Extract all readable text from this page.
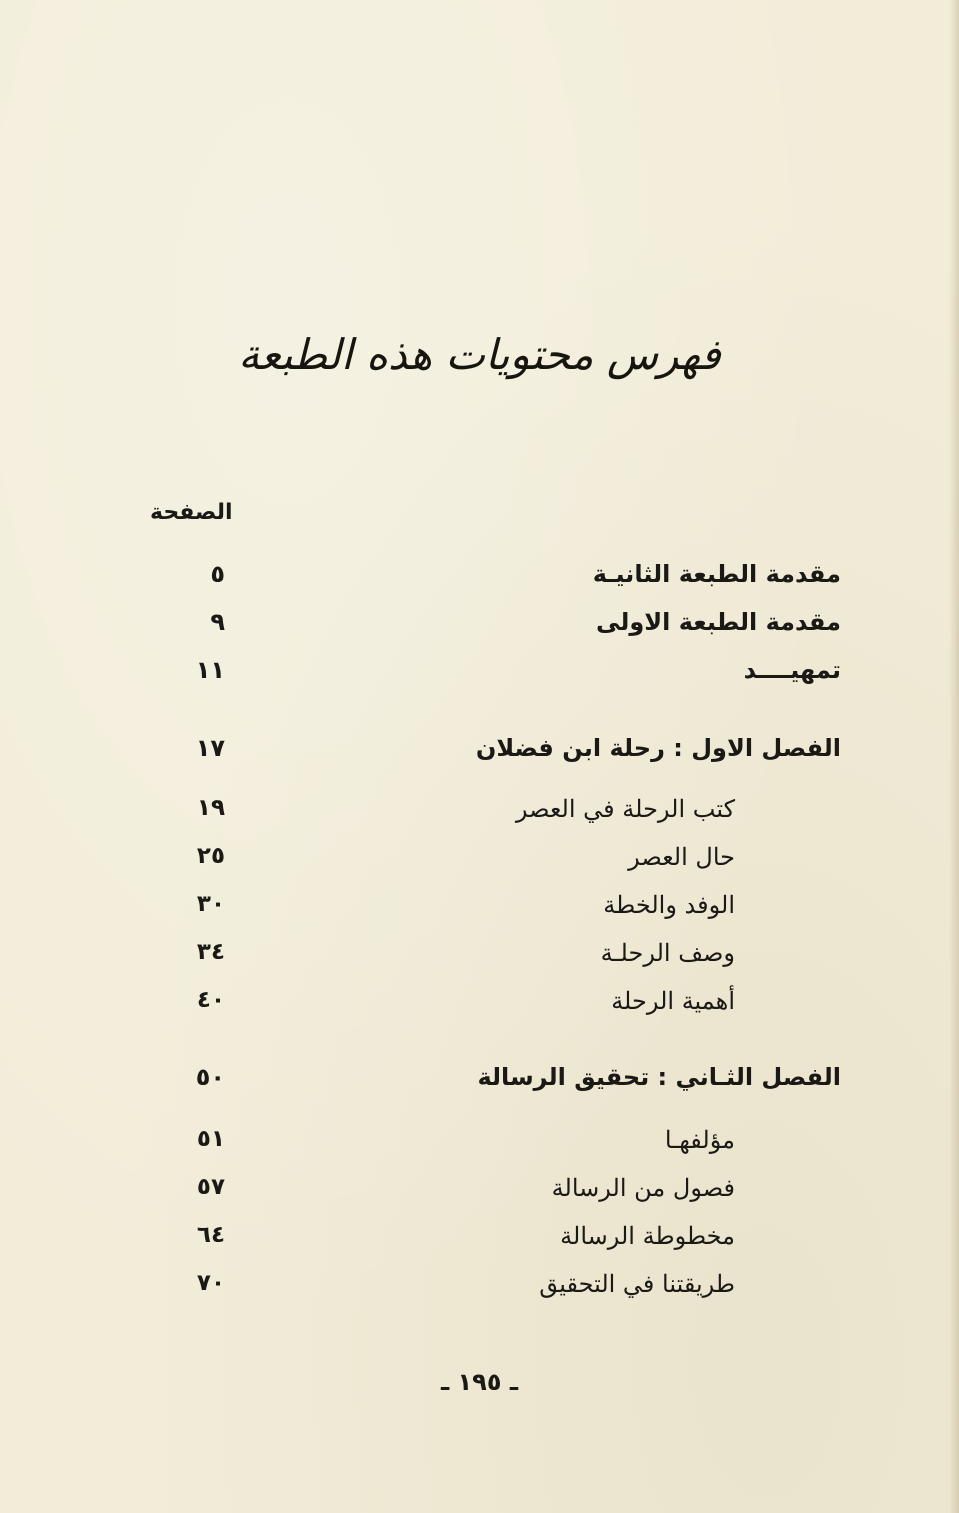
فهرس محتويات هذه الطبعة
الصفحة
مقدمة الطبعة الثانيـة
٥
مقدمة الطبعة الاولى
٩
تمهيــــد
١١
الفصل الاول : رحلة ابن فضلان
١٧
كتب الرحلة في العصر
١٩
حال العصر
٢٥
الوفد والخطة
٣٠
وصف الرحلـة
٣٤
أهمية الرحلة
٤٠
الفصل الثـاني : تحقيق الرسالة
٥٠
مؤلفهـا
٥١
فصول من الرسالة
٥٧
مخطوطة الرسالة
٦٤
طريقتنا في التحقيق
٧٠
ـ ١٩٥ ـ
